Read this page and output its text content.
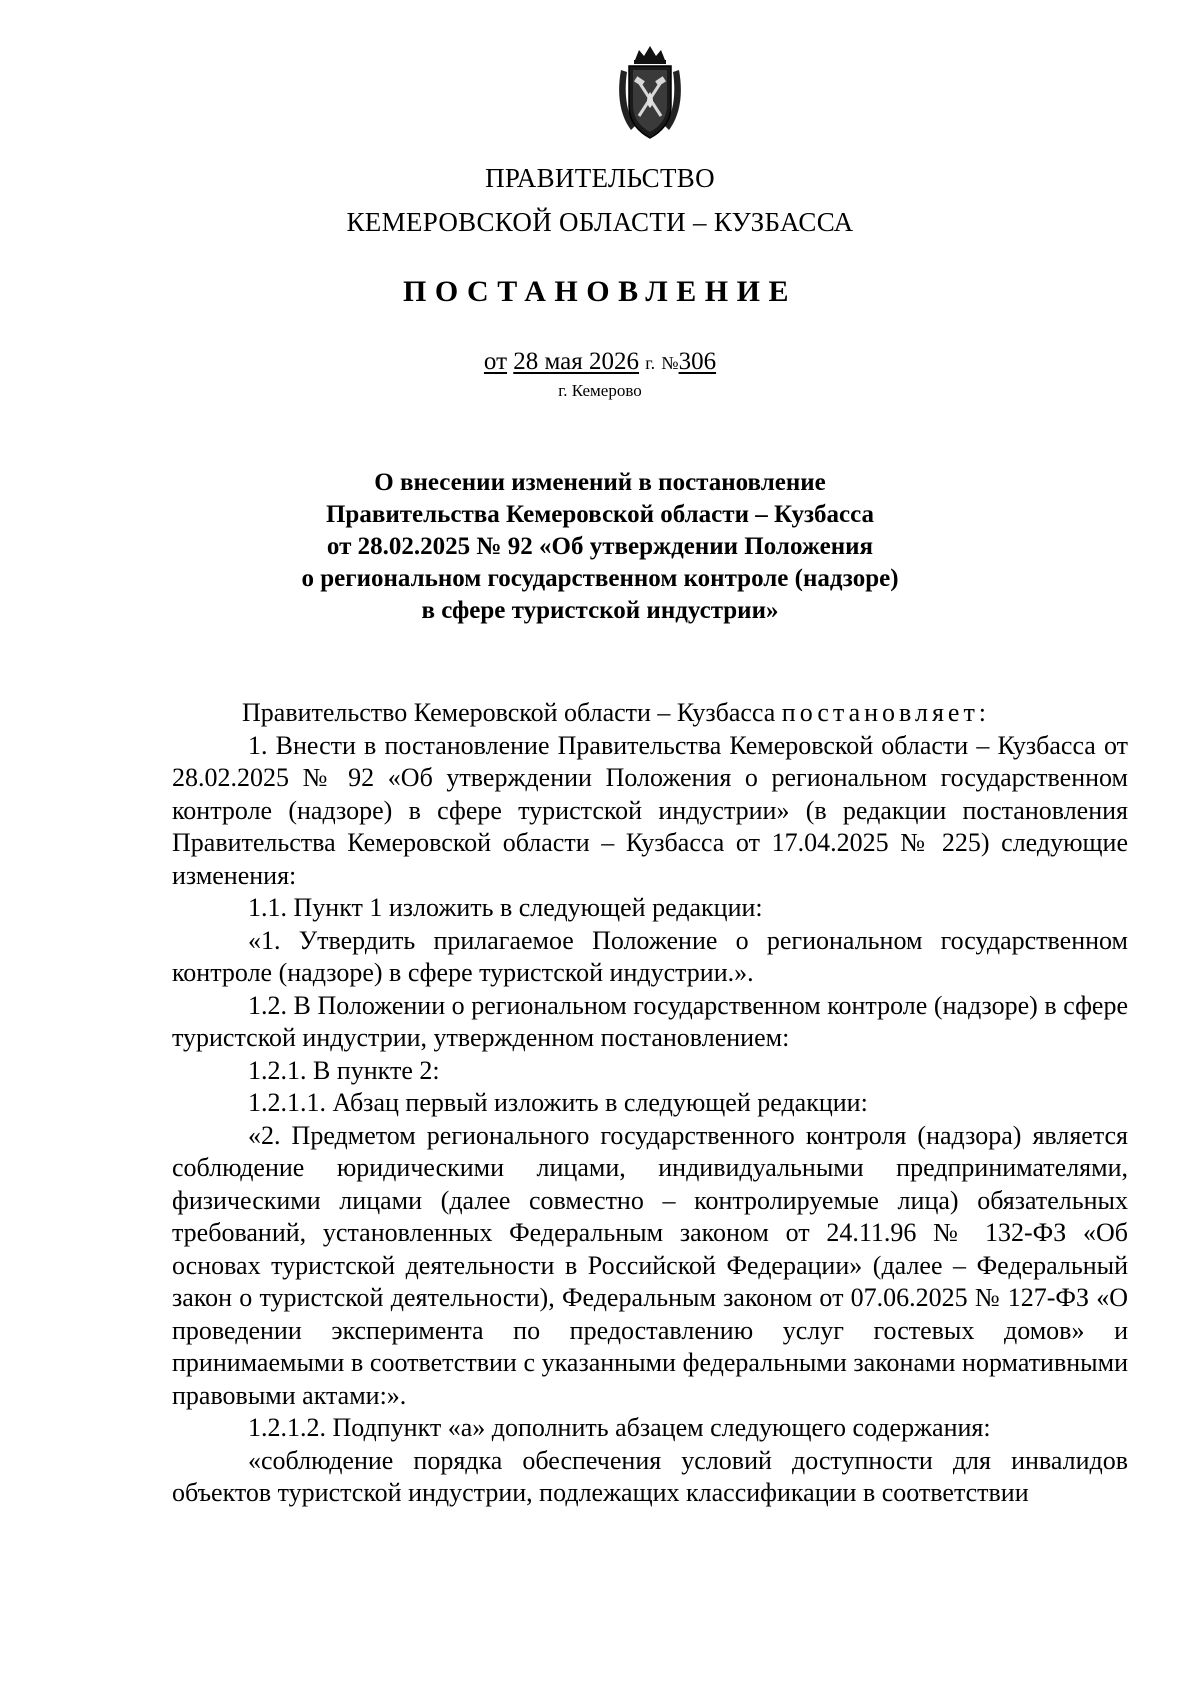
ПРАВИТЕЛЬСТВО
КЕМЕРОВСКОЙ ОБЛАСТИ – КУЗБАССА
ПОСТАНОВЛЕНИЕ
от 28 мая 2026 г. №306
г. Кемерово
О внесении изменений в постановление
Правительства Кемеровской области – Кузбасса
от 28.02.2025 № 92 «Об утверждении Положения
о региональном государственном контроле (надзоре)
в сфере туристской индустрии»

Правительство Кемеровской области – Кузбасса постановляет:

1. Внести в постановление Правительства Кемеровской области – Кузбасса от 28.02.2025 № 92 «Об утверждении Положения о региональном государственном контроле (надзоре) в сфере туристской индустрии» (в редакции постановления Правительства Кемеровской области – Кузбасса от 17.04.2025 № 225) следующие изменения:

1.1. Пункт 1 изложить в следующей редакции:

«1. Утвердить прилагаемое Положение о региональном государственном контроле (надзоре) в сфере туристской индустрии.».

1.2. В Положении о региональном государственном контроле (надзоре) в сфере туристской индустрии, утвержденном постановлением:

1.2.1. В пункте 2:

1.2.1.1. Абзац первый изложить в следующей редакции:

«2. Предметом регионального государственного контроля (надзора) является соблюдение юридическими лицами, индивидуальными предпринимателями, физическими лицами (далее совместно – контролируемые лица) обязательных требований, установленных Федеральным законом от 24.11.96 № 132-ФЗ «Об основах туристской деятельности в Российской Федерации» (далее – Федеральный закон о туристской деятельности), Федеральным законом от 07.06.2025 № 127-ФЗ «О проведении эксперимента по предоставлению услуг гостевых домов» и принимаемыми в соответствии с указанными федеральными законами нормативными правовыми актами:».

1.2.1.2. Подпункт «а» дополнить абзацем следующего содержания:

«соблюдение порядка обеспечения условий доступности для инвалидов объектов туристской индустрии, подлежащих классификации в соответствии
